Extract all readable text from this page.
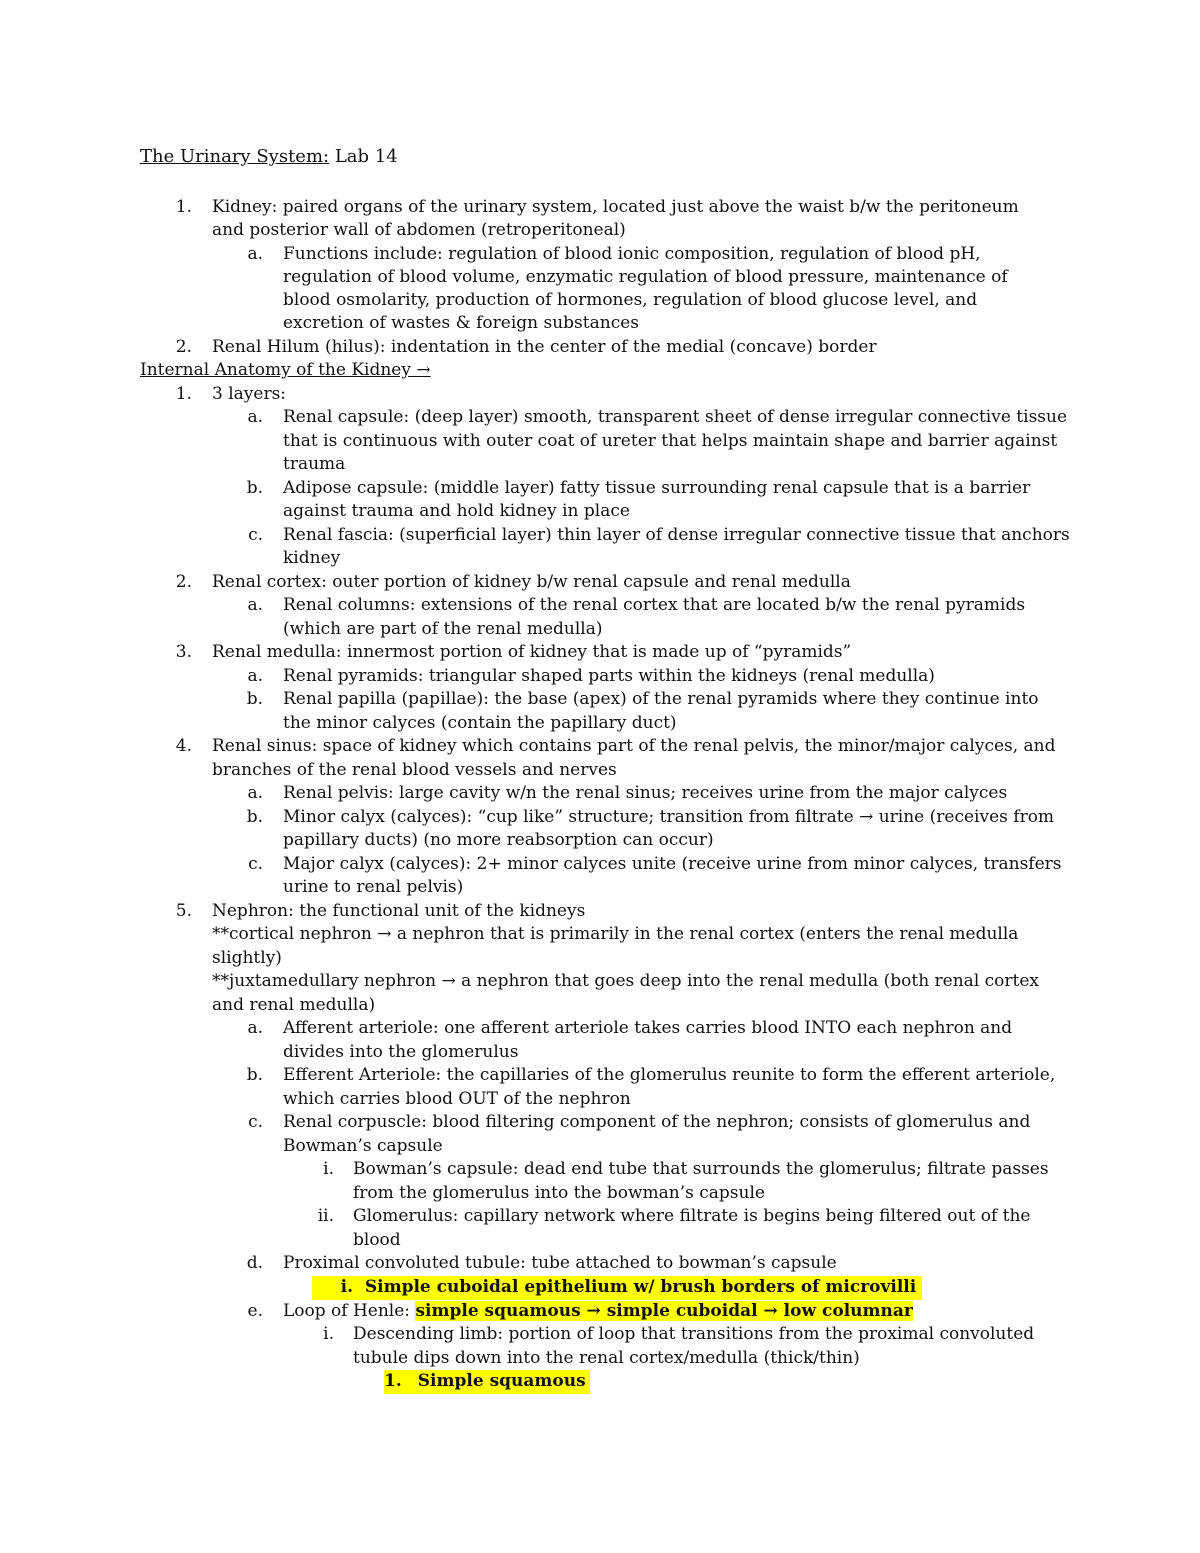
The Urinary System: Lab 14
1. Kidney: paired organs of the urinary system, located just above the waist b/w the peritoneum
and posterior wall of abdomen (retroperitoneal)
a. Functions include: regulation of blood ionic composition, regulation of blood pH,
regulation of blood volume, enzymatic regulation of blood pressure, maintenance of
blood osmolarity, production of hormones, regulation of blood glucose level, and
excretion of wastes & foreign substances
2. Renal Hilum (hilus): indentation in the center of the medial (concave) border
Internal Anatomy of the Kidney →
1. 3 layers:
a. Renal capsule: (deep layer) smooth, transparent sheet of dense irregular connective tissue
that is continuous with outer coat of ureter that helps maintain shape and barrier against
trauma
b. Adipose capsule: (middle layer) fatty tissue surrounding renal capsule that is a barrier
against trauma and hold kidney in place
c. Renal fascia: (superficial layer) thin layer of dense irregular connective tissue that anchors
kidney
2. Renal cortex: outer portion of kidney b/w renal capsule and renal medulla
a. Renal columns: extensions of the renal cortex that are located b/w the renal pyramids
(which are part of the renal medulla)
3. Renal medulla: innermost portion of kidney that is made up of “pyramids”
a. Renal pyramids: triangular shaped parts within the kidneys (renal medulla)
b. Renal papilla (papillae): the base (apex) of the renal pyramids where they continue into
the minor calyces (contain the papillary duct)
4. Renal sinus: space of kidney which contains part of the renal pelvis, the minor/major calyces, and
branches of the renal blood vessels and nerves
a. Renal pelvis: large cavity w/n the renal sinus; receives urine from the major calyces
b. Minor calyx (calyces): “cup like” structure; transition from filtrate → urine (receives from
papillary ducts) (no more reabsorption can occur)
c. Major calyx (calyces): 2+ minor calyces unite (receive urine from minor calyces, transfers
urine to renal pelvis)
5. Nephron: the functional unit of the kidneys
**cortical nephron → a nephron that is primarily in the renal cortex (enters the renal medulla
slightly)
**juxtamedullary nephron → a nephron that goes deep into the renal medulla (both renal cortex
and renal medulla)
a. Afferent arteriole: one afferent arteriole takes carries blood INTO each nephron and
divides into the glomerulus
b. Efferent Arteriole: the capillaries of the glomerulus reunite to form the efferent arteriole,
which carries blood OUT of the nephron
c. Renal corpuscle: blood filtering component of the nephron; consists of glomerulus and
Bowman’s capsule
i. Bowman’s capsule: dead end tube that surrounds the glomerulus; filtrate passes
from the glomerulus into the bowman’s capsule
ii. Glomerulus: capillary network where filtrate is begins being filtered out of the
blood
d. Proximal convoluted tubule: tube attached to bowman’s capsule
i. Simple cuboidal epithelium w/ brush borders of microvilli
e. Loop of Henle: simple squamous → simple cuboidal → low columnar
i. Descending limb: portion of loop that transitions from the proximal convoluted
tubule dips down into the renal cortex/medulla (thick/thin)
1. Simple squamous
